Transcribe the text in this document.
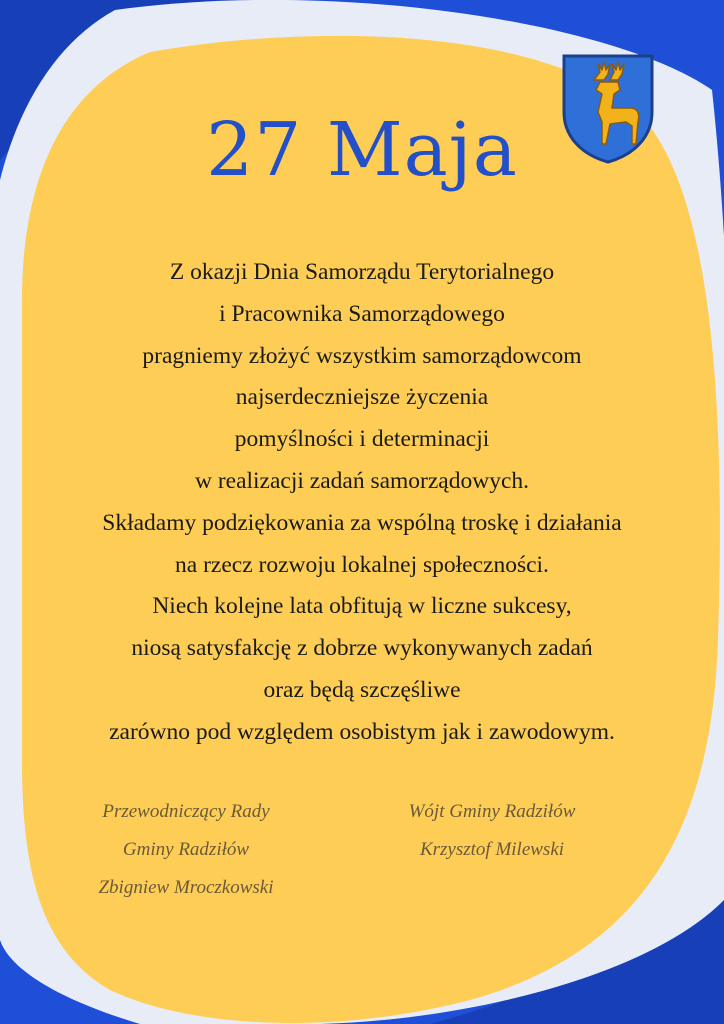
27 Maja
Z okazji Dnia Samorządu Terytorialnego
i Pracownika Samorządowego
pragniemy złożyć wszystkim samorządowcom
najserdeczniejsze życzenia
pomyślności i determinacji
w realizacji zadań samorządowych.
Składamy podziękowania za wspólną troskę i działania
na rzecz rozwoju lokalnej społeczności.
Niech kolejne lata obfitują w liczne sukcesy,
niosą satysfakcję z dobrze wykonywanych zadań
oraz będą szczęśliwe
zarówno pod względem osobistym jak i zawodowym.
Przewodniczący Rady
Gminy Radziłów
Zbigniew Mroczkowski
Wójt Gminy Radziłów
Krzysztof Milewski
